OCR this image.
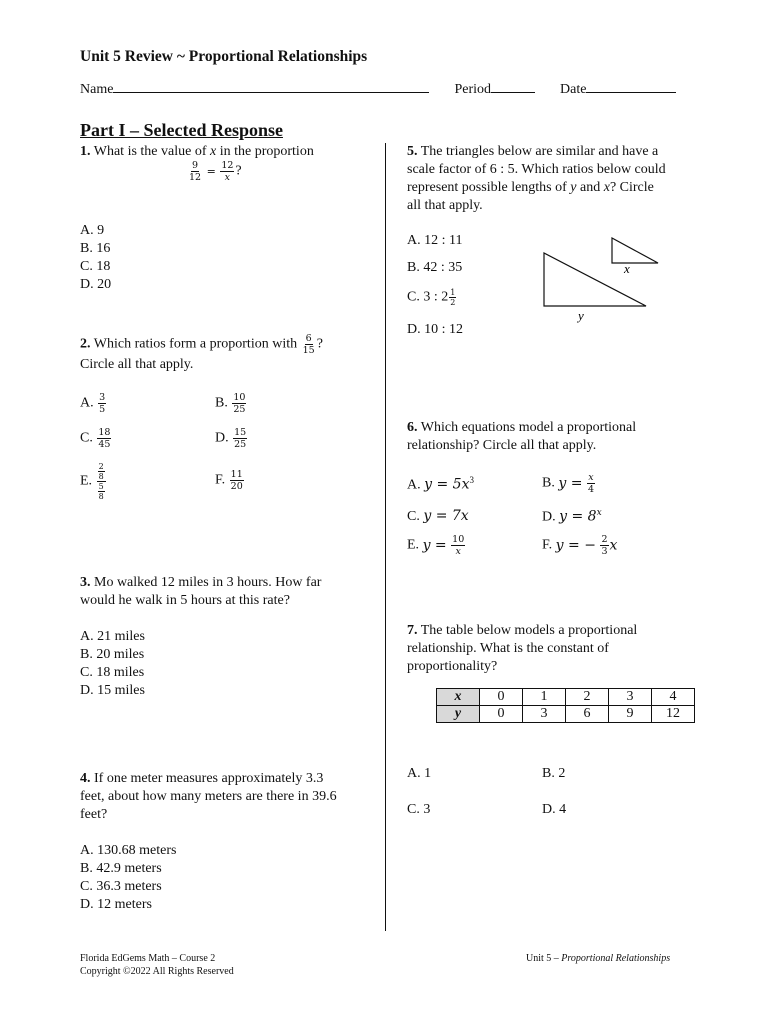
Unit 5 Review ~ Proportional Relationships
Name	Period	Date
Part I – Selected Response
1. What is the value of x in the proportion
$\frac{9}{12} = \frac{12}{x}$ ?
A. 9
B. 16
C. 18
D. 20
2. Which ratios form a proportion with $\frac{6}{15}$ ?
Circle all that apply.
A. $\frac{3}{5}$	B. $\frac{10}{25}$
C. $\frac{18}{45}$	D. $\frac{15}{25}$
E. $\frac{\frac{2}{8}}{\frac{5}{8}}$	F. $\frac{11}{20}$
3. Mo walked 12 miles in 3 hours. How far
would he walk in 5 hours at this rate?
A. 21 miles
B. 20 miles
C. 18 miles
D. 15 miles
4. If one meter measures approximately 3.3
feet, about how many meters are there in 39.6
feet?
A. 130.68 meters
B. 42.9 meters
C. 36.3 meters
D. 12 meters
5. The triangles below are similar and have a
scale factor of 6 : 5. Which ratios below could
represent possible lengths of y and x? Circle
all that apply.
A. 12 : 11
B. 42 : 35
C. 3 : $2 \frac{1}{2}$
D. 10 : 12
x
y
6. Which equations model a proportional
relationship? Circle all that apply.
A. $y = 5x^3$	B. $y = \frac{x}{4}$
C. y = 7x	D. $y = 8^x$
E. $y = \frac{10}{x}$	F. y = − $\frac{2}{3}$ x
7. The table below models a proportional
relationship. What is the constant of
proportionality?
x	0	1	2	3	4
y	0	3	6	9	12
A. 1	B. 2
C. 3	D. 4
Florida EdGems Math – Course 2
Copyright ©2022 All Rights Reserved
Unit 5 – Proportional Relationships
